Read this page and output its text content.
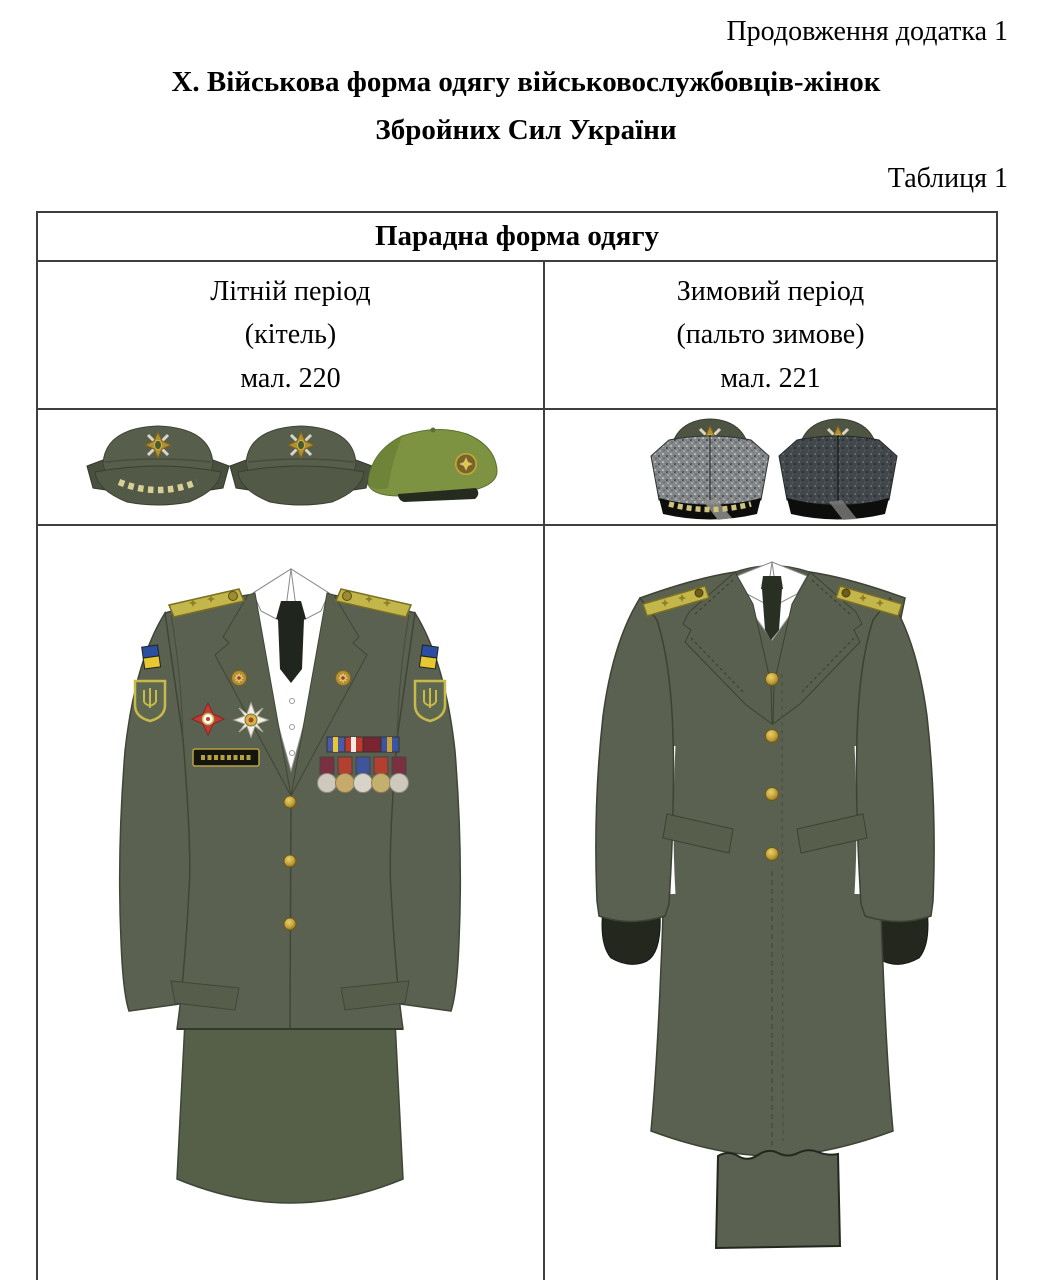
Продовження додатка 1
Х. Військова форма одягу військовослужбовців-жінок
Збройних Сил України
Таблиця 1
Парадна форма одягу
Літній період
(кітель)
мал. 220
Зимовий період
(пальто зимове)
мал. 221
